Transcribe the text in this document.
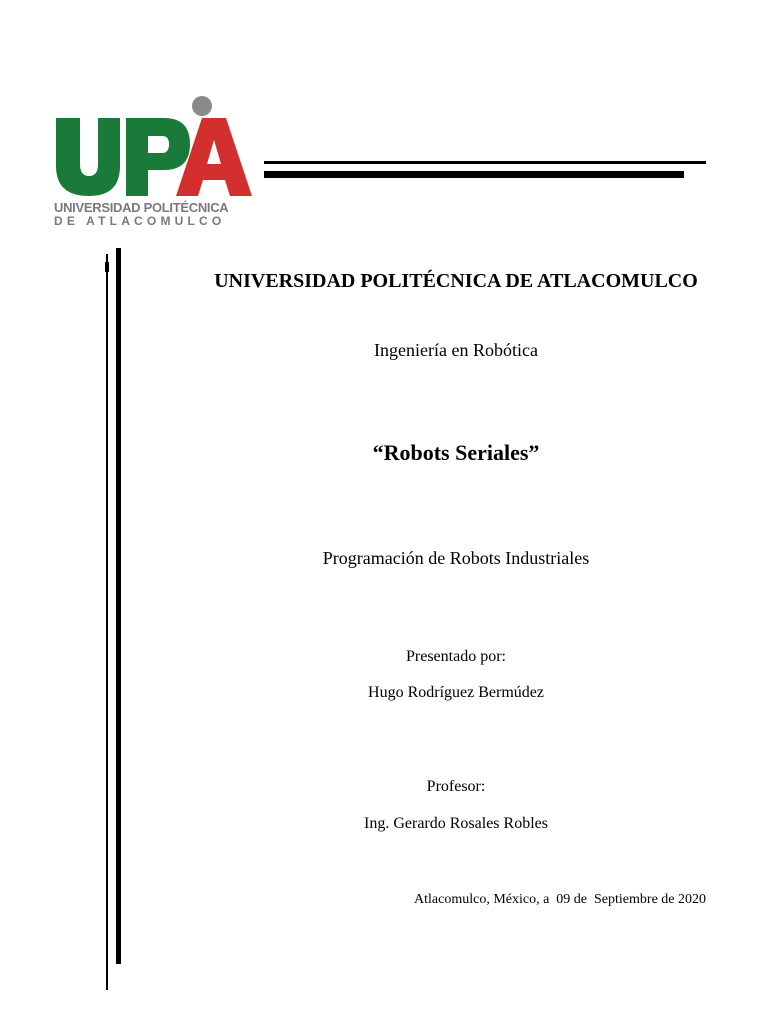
UNIVERSIDAD POLITÉCNICA
DE ATLACOMULCO
UNIVERSIDAD POLITÉCNICA DE ATLACOMULCO
Ingeniería en Robótica
“Robots Seriales”
Programación de Robots Industriales
Presentado por:
Hugo Rodríguez Bermúdez
Profesor:
Ing. Gerardo Rosales Robles
Atlacomulco, México, a  09 de  Septiembre de 2020
